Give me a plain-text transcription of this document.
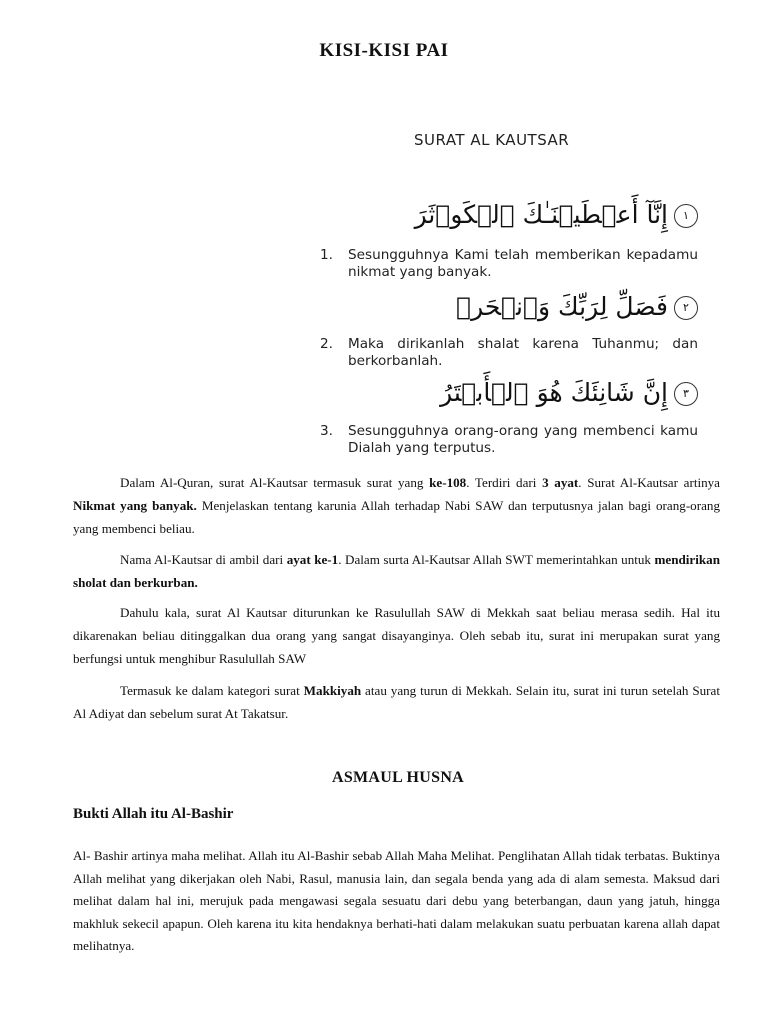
KISI-KISI PAI
SURAT AL KAUTSAR
١إِنَّآ أَعۡطَيۡنَـٰكَ ٱلۡكَوۡثَرَ
1. Sesungguhnya Kami telah memberikan kepadamu nikmat yang banyak.
٢فَصَلِّ لِرَبِّكَ وَٱنۡحَرۡ
2. Maka dirikanlah shalat karena Tuhanmu; dan berkorbanlah.
٣إِنَّ شَانِئَكَ هُوَ ٱلۡأَبۡتَرُ
3. Sesungguhnya orang-orang yang membenci kamu Dialah yang terputus.
Dalam Al-Quran, surat Al-Kautsar termasuk surat yang ke-108. Terdiri dari 3 ayat. Surat Al-Kautsar artinya Nikmat yang banyak. Menjelaskan tentang karunia Allah terhadap Nabi SAW dan terputusnya jalan bagi orang-orang yang membenci beliau.
Nama Al-Kautsar di ambil dari ayat ke-1. Dalam surta Al-Kautsar Allah SWT memerintahkan untuk mendirikan sholat dan berkurban.
Dahulu kala, surat Al Kautsar diturunkan ke Rasulullah SAW di Mekkah saat beliau merasa sedih. Hal itu dikarenakan beliau ditinggalkan dua orang yang sangat disayanginya. Oleh sebab itu, surat ini merupakan surat yang berfungsi untuk menghibur Rasulullah SAW
Termasuk ke dalam kategori surat Makkiyah atau yang turun di Mekkah. Selain itu, surat ini turun setelah Surat Al Adiyat dan sebelum surat At Takatsur.
ASMAUL HUSNA
Bukti Allah itu Al-Bashir
Al- Bashir artinya maha melihat. Allah itu Al-Bashir sebab Allah Maha Melihat. Penglihatan Allah tidak terbatas. Buktinya Allah melihat yang dikerjakan oleh Nabi, Rasul, manusia lain, dan segala benda yang ada di alam semesta. Maksud dari melihat dalam hal ini, merujuk pada mengawasi segala sesuatu dari debu yang beterbangan, daun yang jatuh, hingga makhluk sekecil apapun. Oleh karena itu kita hendaknya berhati-hati dalam melakukan suatu perbuatan karena allah dapat melihatnya.
